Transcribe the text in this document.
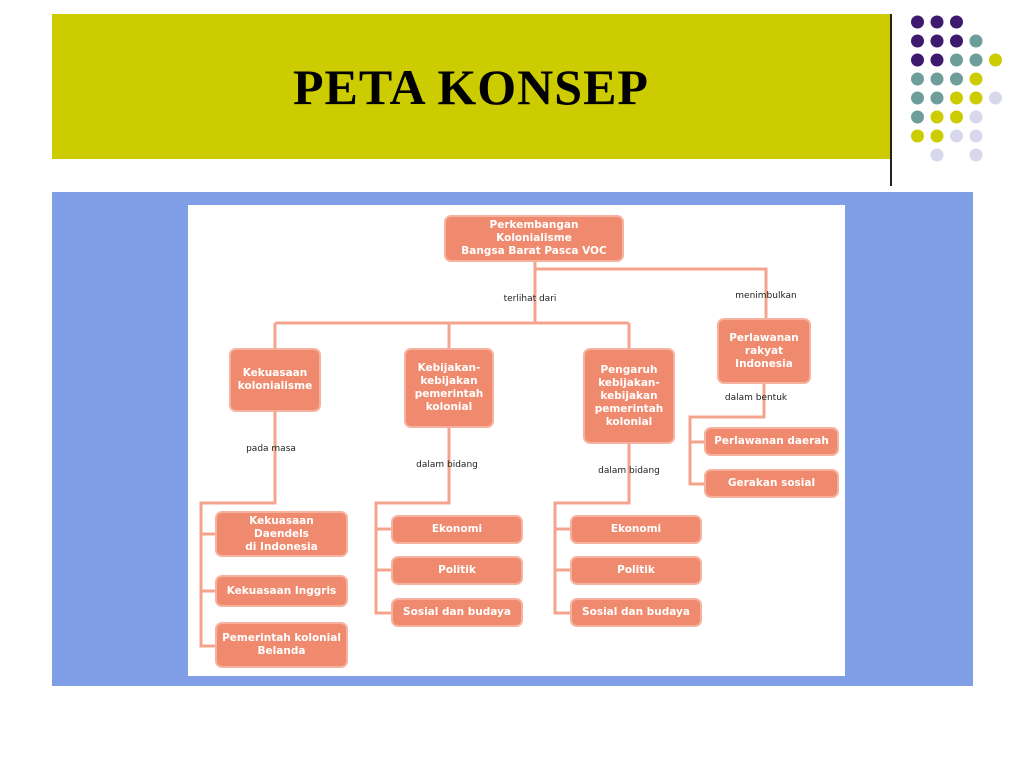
PETA KONSEP
Perkembangan Kolonialisme
Bangsa Barat Pasca VOC
terlihat dari	menimbulkan
Kekuasaan
kolonialisme
Kebijakan-
kebijakan
pemerintah
kolonial
Pengaruh
kebijakan-
kebijakan
pemerintah
kolonial
Perlawanan
rakyat
Indonesia
pada masa
dalam bidang
dalam bidang
dalam bentuk
Kekuasaan Daendels
di Indonesia
Kekuasaan Inggris
Pemerintah kolonial
Belanda
Ekonomi
Politik
Sosial dan budaya
Ekonomi
Politik
Sosial dan budaya
Perlawanan daerah
Gerakan sosial
